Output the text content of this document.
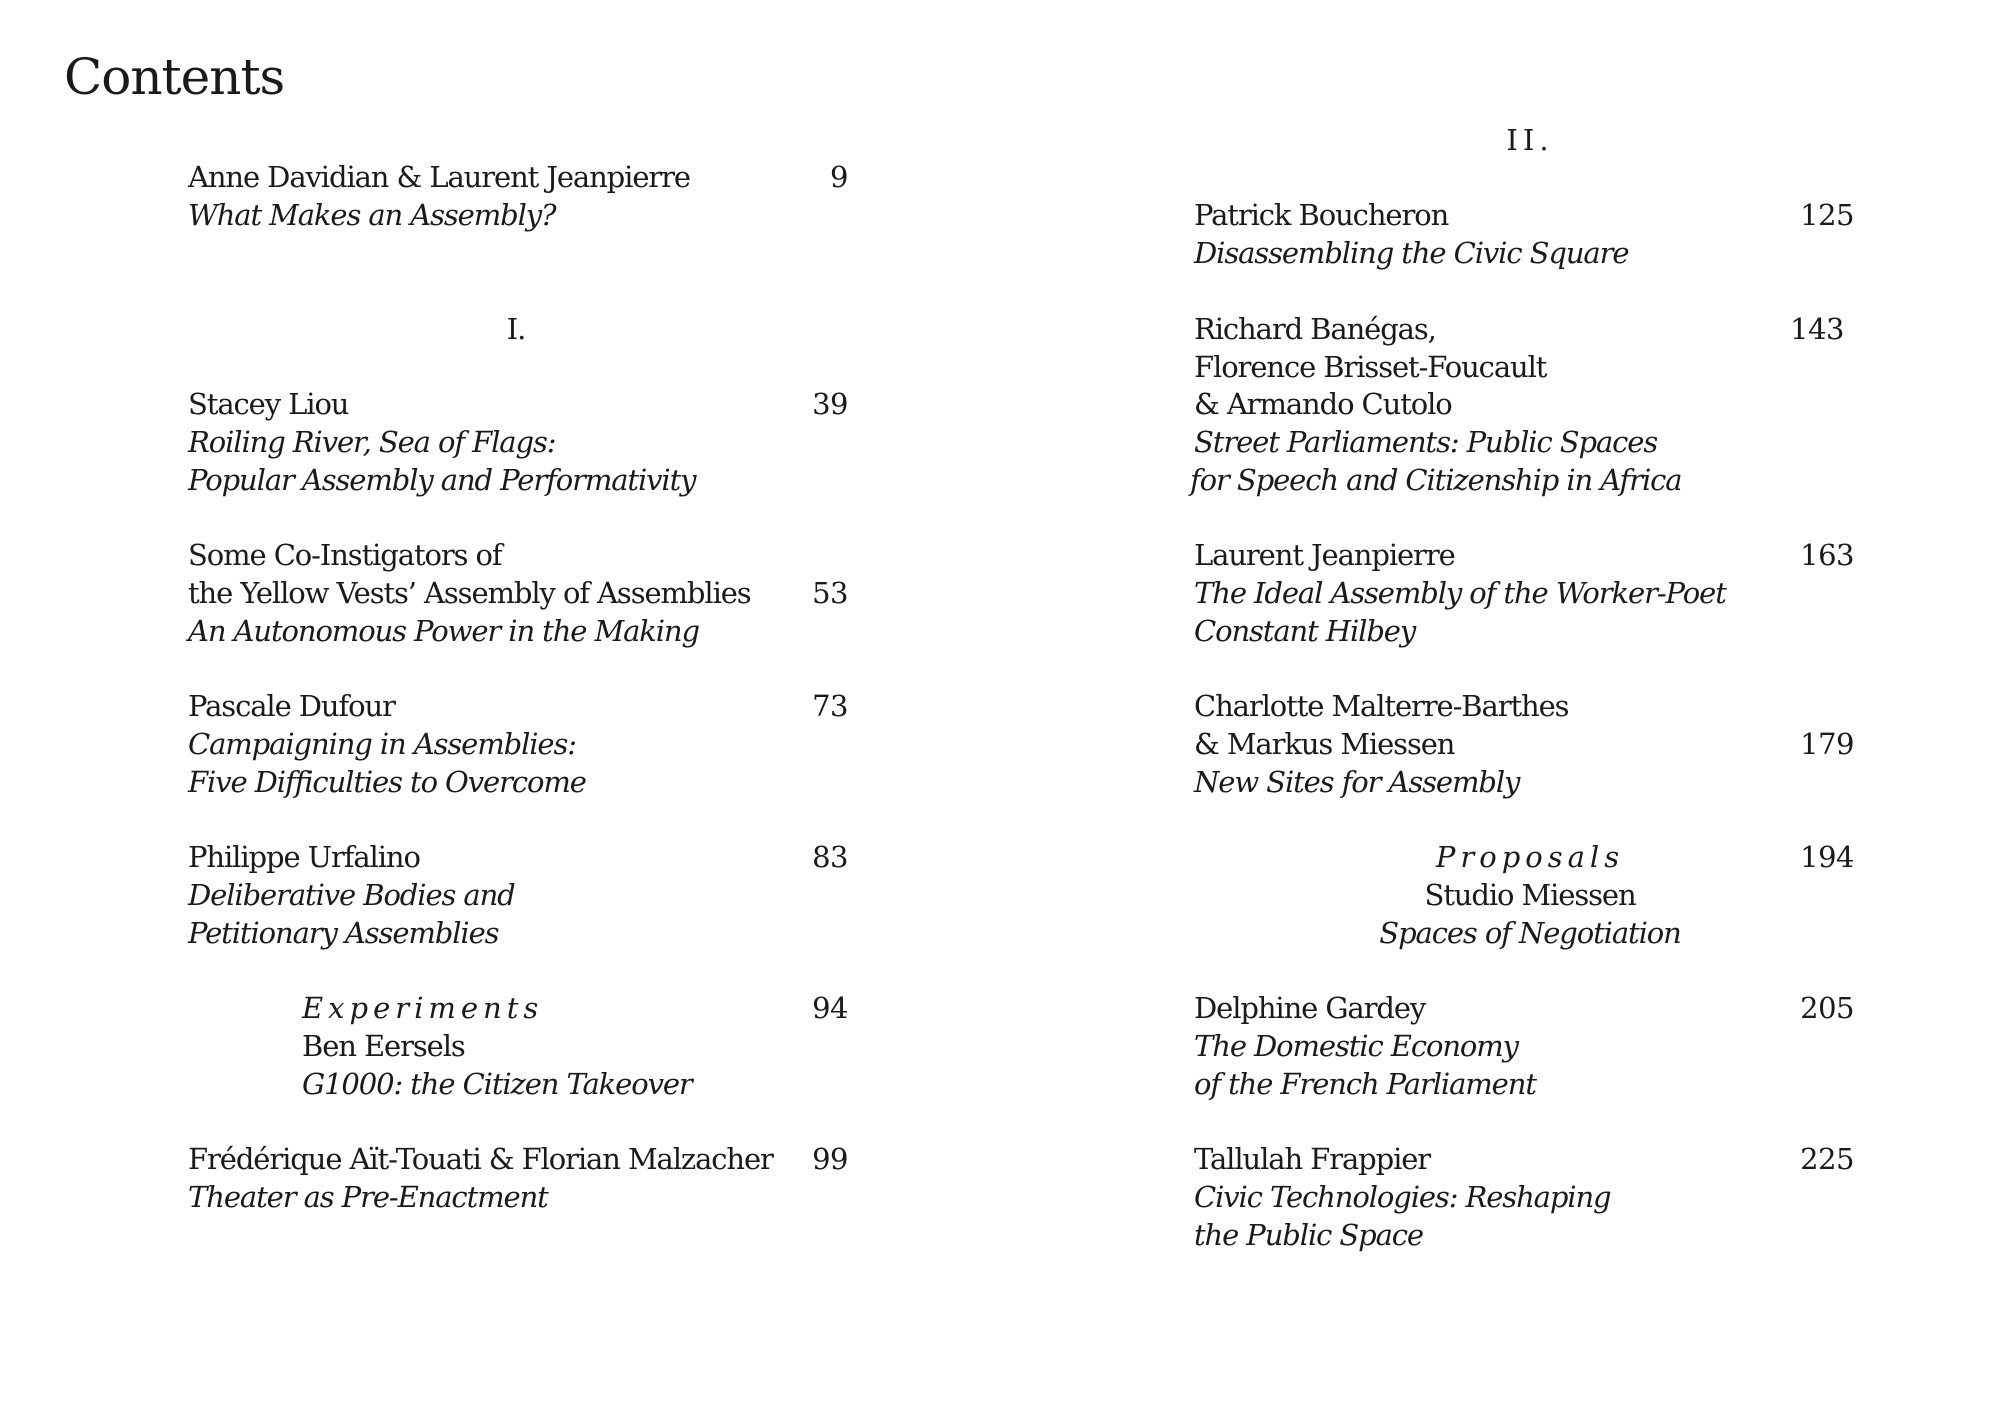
Contents
Anne Davidian & Laurent Jeanpierre
What Makes an Assembly?
9
I.
Stacey Liou
Roiling River, Sea of Flags:
Popular Assembly and Performativity
39
Some Co-Instigators of
the Yellow Vests’ Assembly of Assemblies
An Autonomous Power in the Making
53
Pascale Dufour
Campaigning in Assemblies:
Five Difficulties to Overcome
73
Philippe Urfalino
Deliberative Bodies and
Petitionary Assemblies
83
Experiments
Ben Eersels
G1000: the Citizen Takeover
94
Frédérique Aït-Touati & Florian Malzacher
Theater as Pre-Enactment
99
II.
Patrick Boucheron
Disassembling the Civic Square
125
Richard Banégas,
Florence Brisset-Foucault
& Armando Cutolo
Street Parliaments: Public Spaces
for Speech and Citizenship in Africa
143
Laurent Jeanpierre
The Ideal Assembly of the Worker-Poet
Constant Hilbey
163
Charlotte Malterre-Barthes
& Markus Miessen
New Sites for Assembly
179
Proposals
Studio Miessen
Spaces of Negotiation
194
Delphine Gardey
The Domestic Economy
of the French Parliament
205
Tallulah Frappier
Civic Technologies: Reshaping
the Public Space
225
